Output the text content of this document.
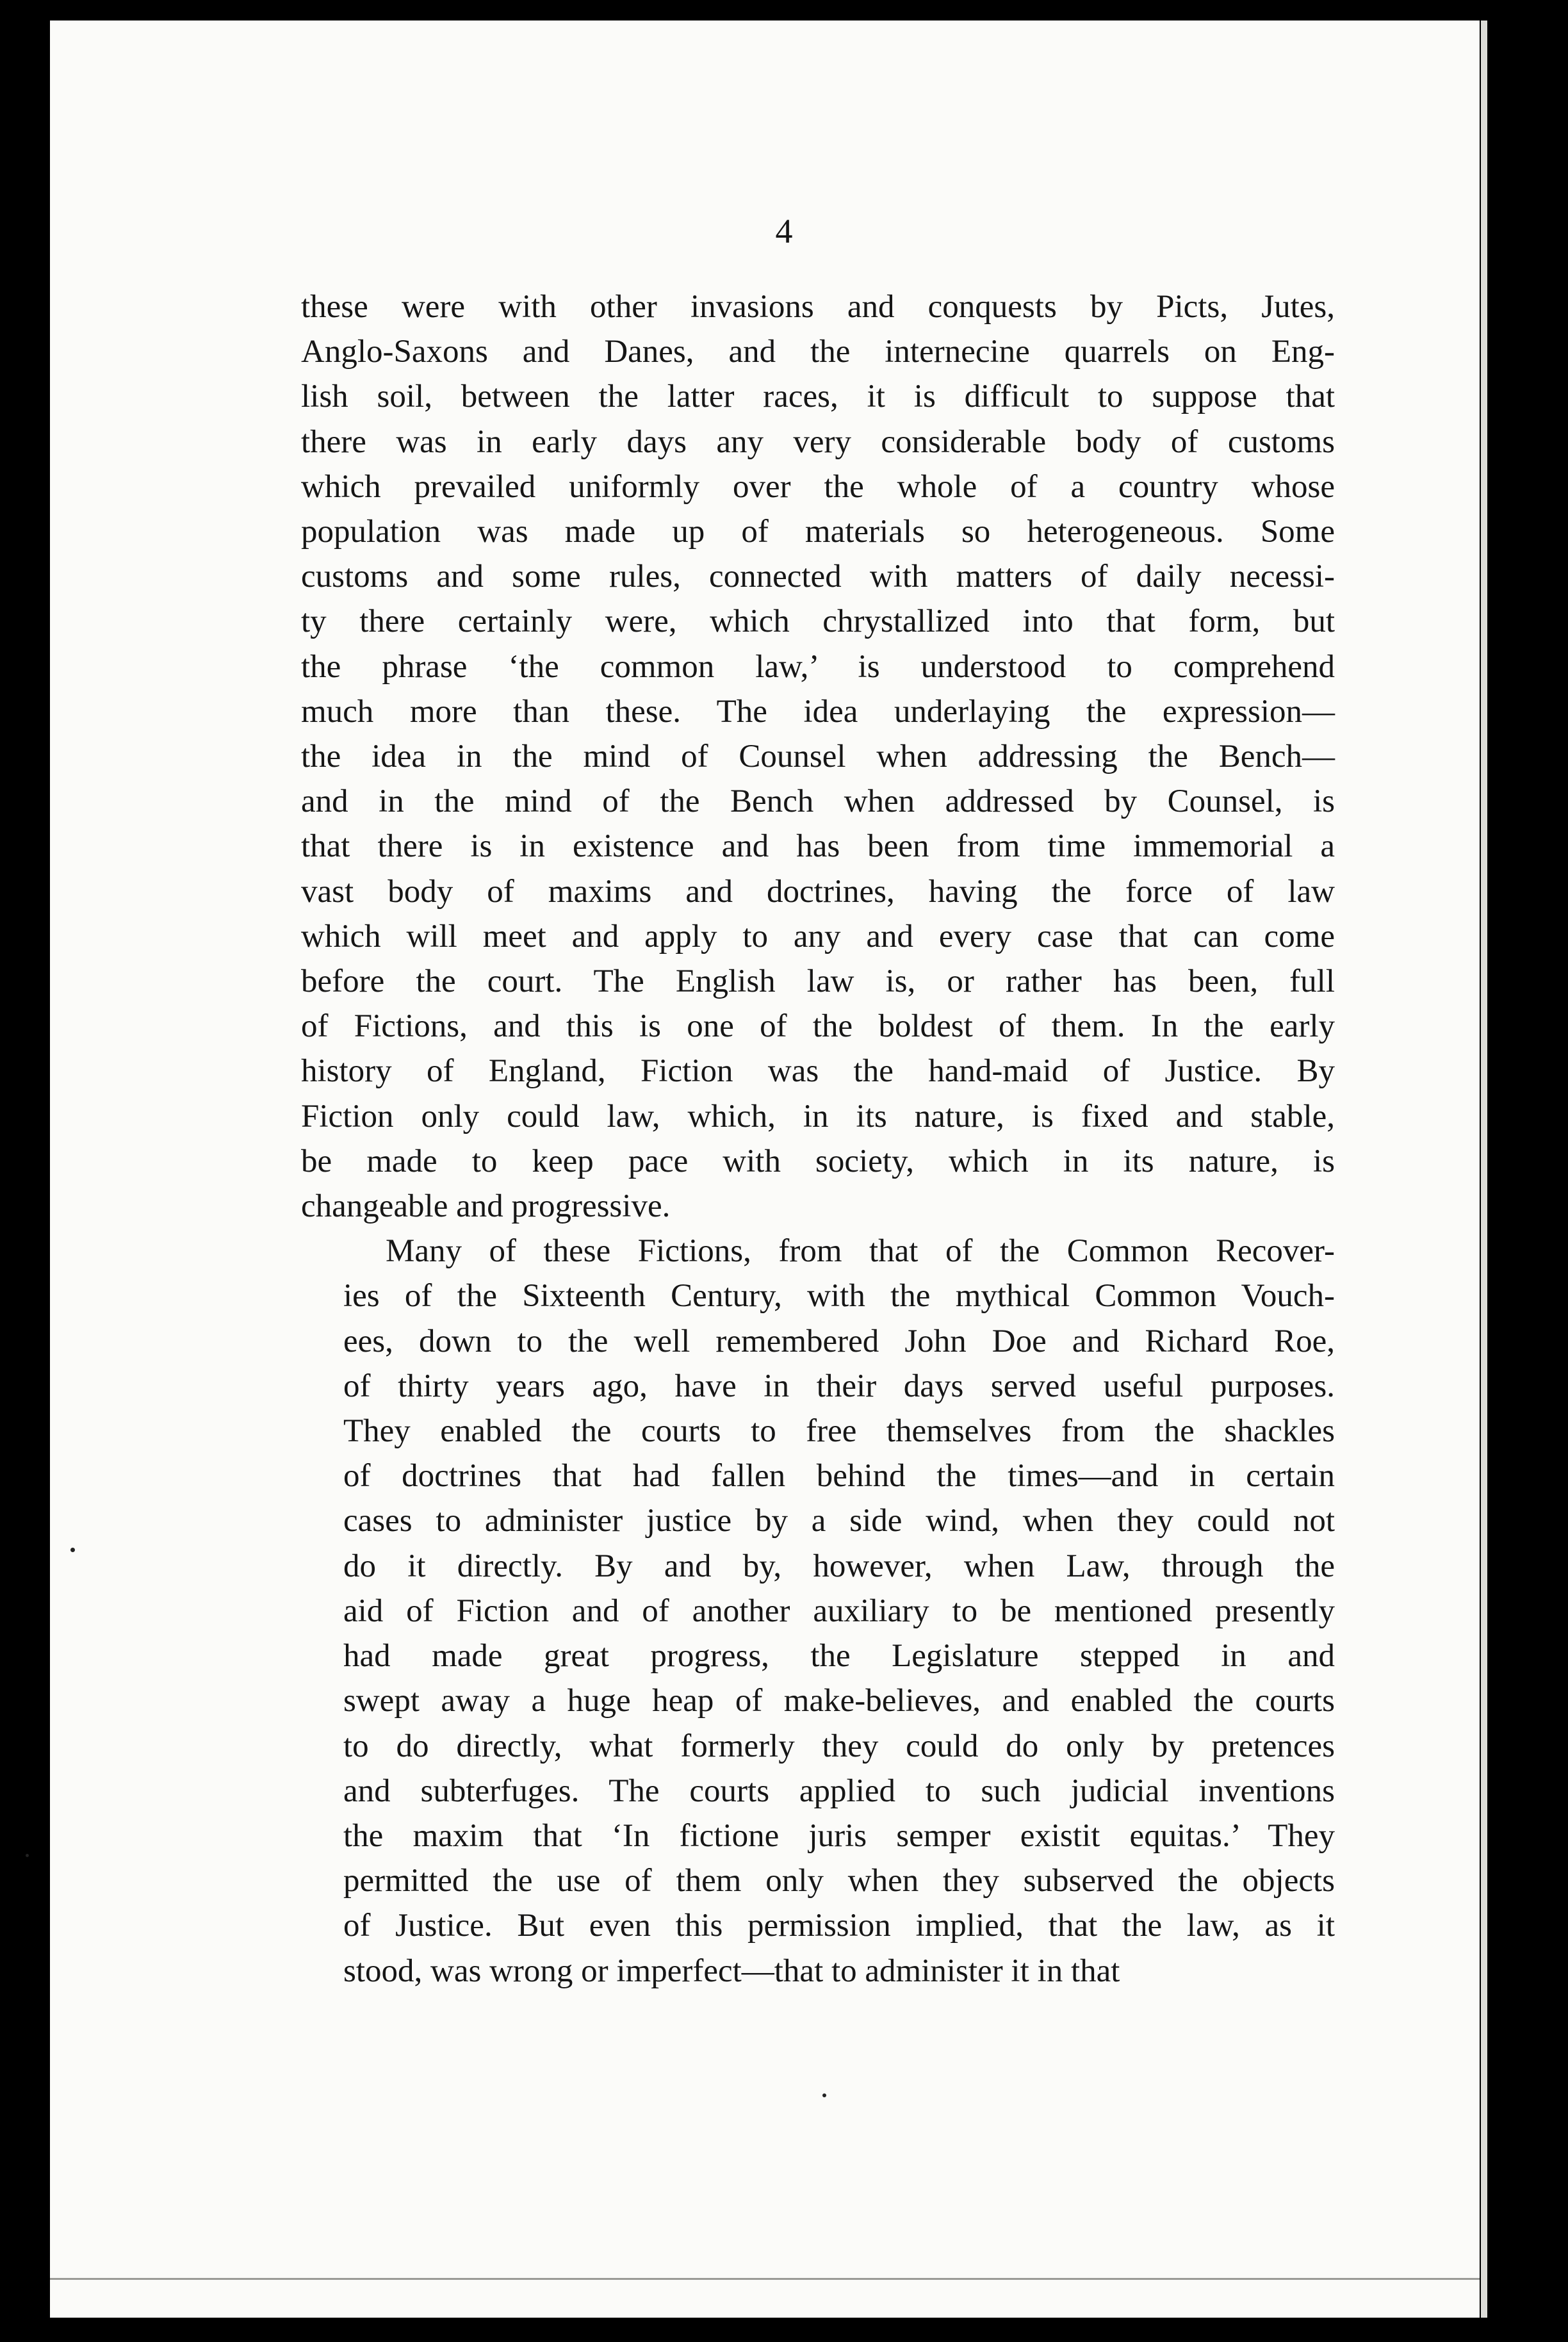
4
these were with other invasions and conquests by Picts, Jutes,
Anglo-Saxons and Danes, and the internecine quarrels on Eng-
lish soil, between the latter races, it is difficult to suppose that
there was in early days any very considerable body of customs
which prevailed uniformly over the whole of a country whose
population was made up of materials so heterogeneous. Some
customs and some rules, connected with matters of daily necessi-
ty there certainly were, which chrystallized into that form, but
the phrase ‘the common law,’ is understood to comprehend
much more than these. The idea underlaying the expression—
the idea in the mind of Counsel when addressing the Bench—
and in the mind of the Bench when addressed by Counsel, is
that there is in existence and has been from time immemorial a
vast body of maxims and doctrines, having the force of law
which will meet and apply to any and every case that can come
before the court. The English law is, or rather has been, full
of Fictions, and this is one of the boldest of them. In the early
history of England, Fiction was the hand-maid of Justice. By
Fiction only could law, which, in its nature, is fixed and stable,
be made to keep pace with society, which in its nature, is
changeable and progressive.
Many of these Fictions, from that of the Common Recover-
ies of the Sixteenth Century, with the mythical Common Vouch-
ees, down to the well remembered John Doe and Richard Roe,
of thirty years ago, have in their days served useful purposes.
They enabled the courts to free themselves from the shackles
of doctrines that had fallen behind the times—and in certain
cases to administer justice by a side wind, when they could not
do it directly. By and by, however, when Law, through the
aid of Fiction and of another auxiliary to be mentioned presently
had made great progress, the Legislature stepped in and
swept away a huge heap of make-believes, and enabled the courts
to do directly, what formerly they could do only by pretences
and subterfuges. The courts applied to such judicial inventions
the maxim that ‘In fictione juris semper existit equitas.’ They
permitted the use of them only when they subserved the objects
of Justice. But even this permission implied, that the law, as it
stood, was wrong or imperfect—that to administer it in that
